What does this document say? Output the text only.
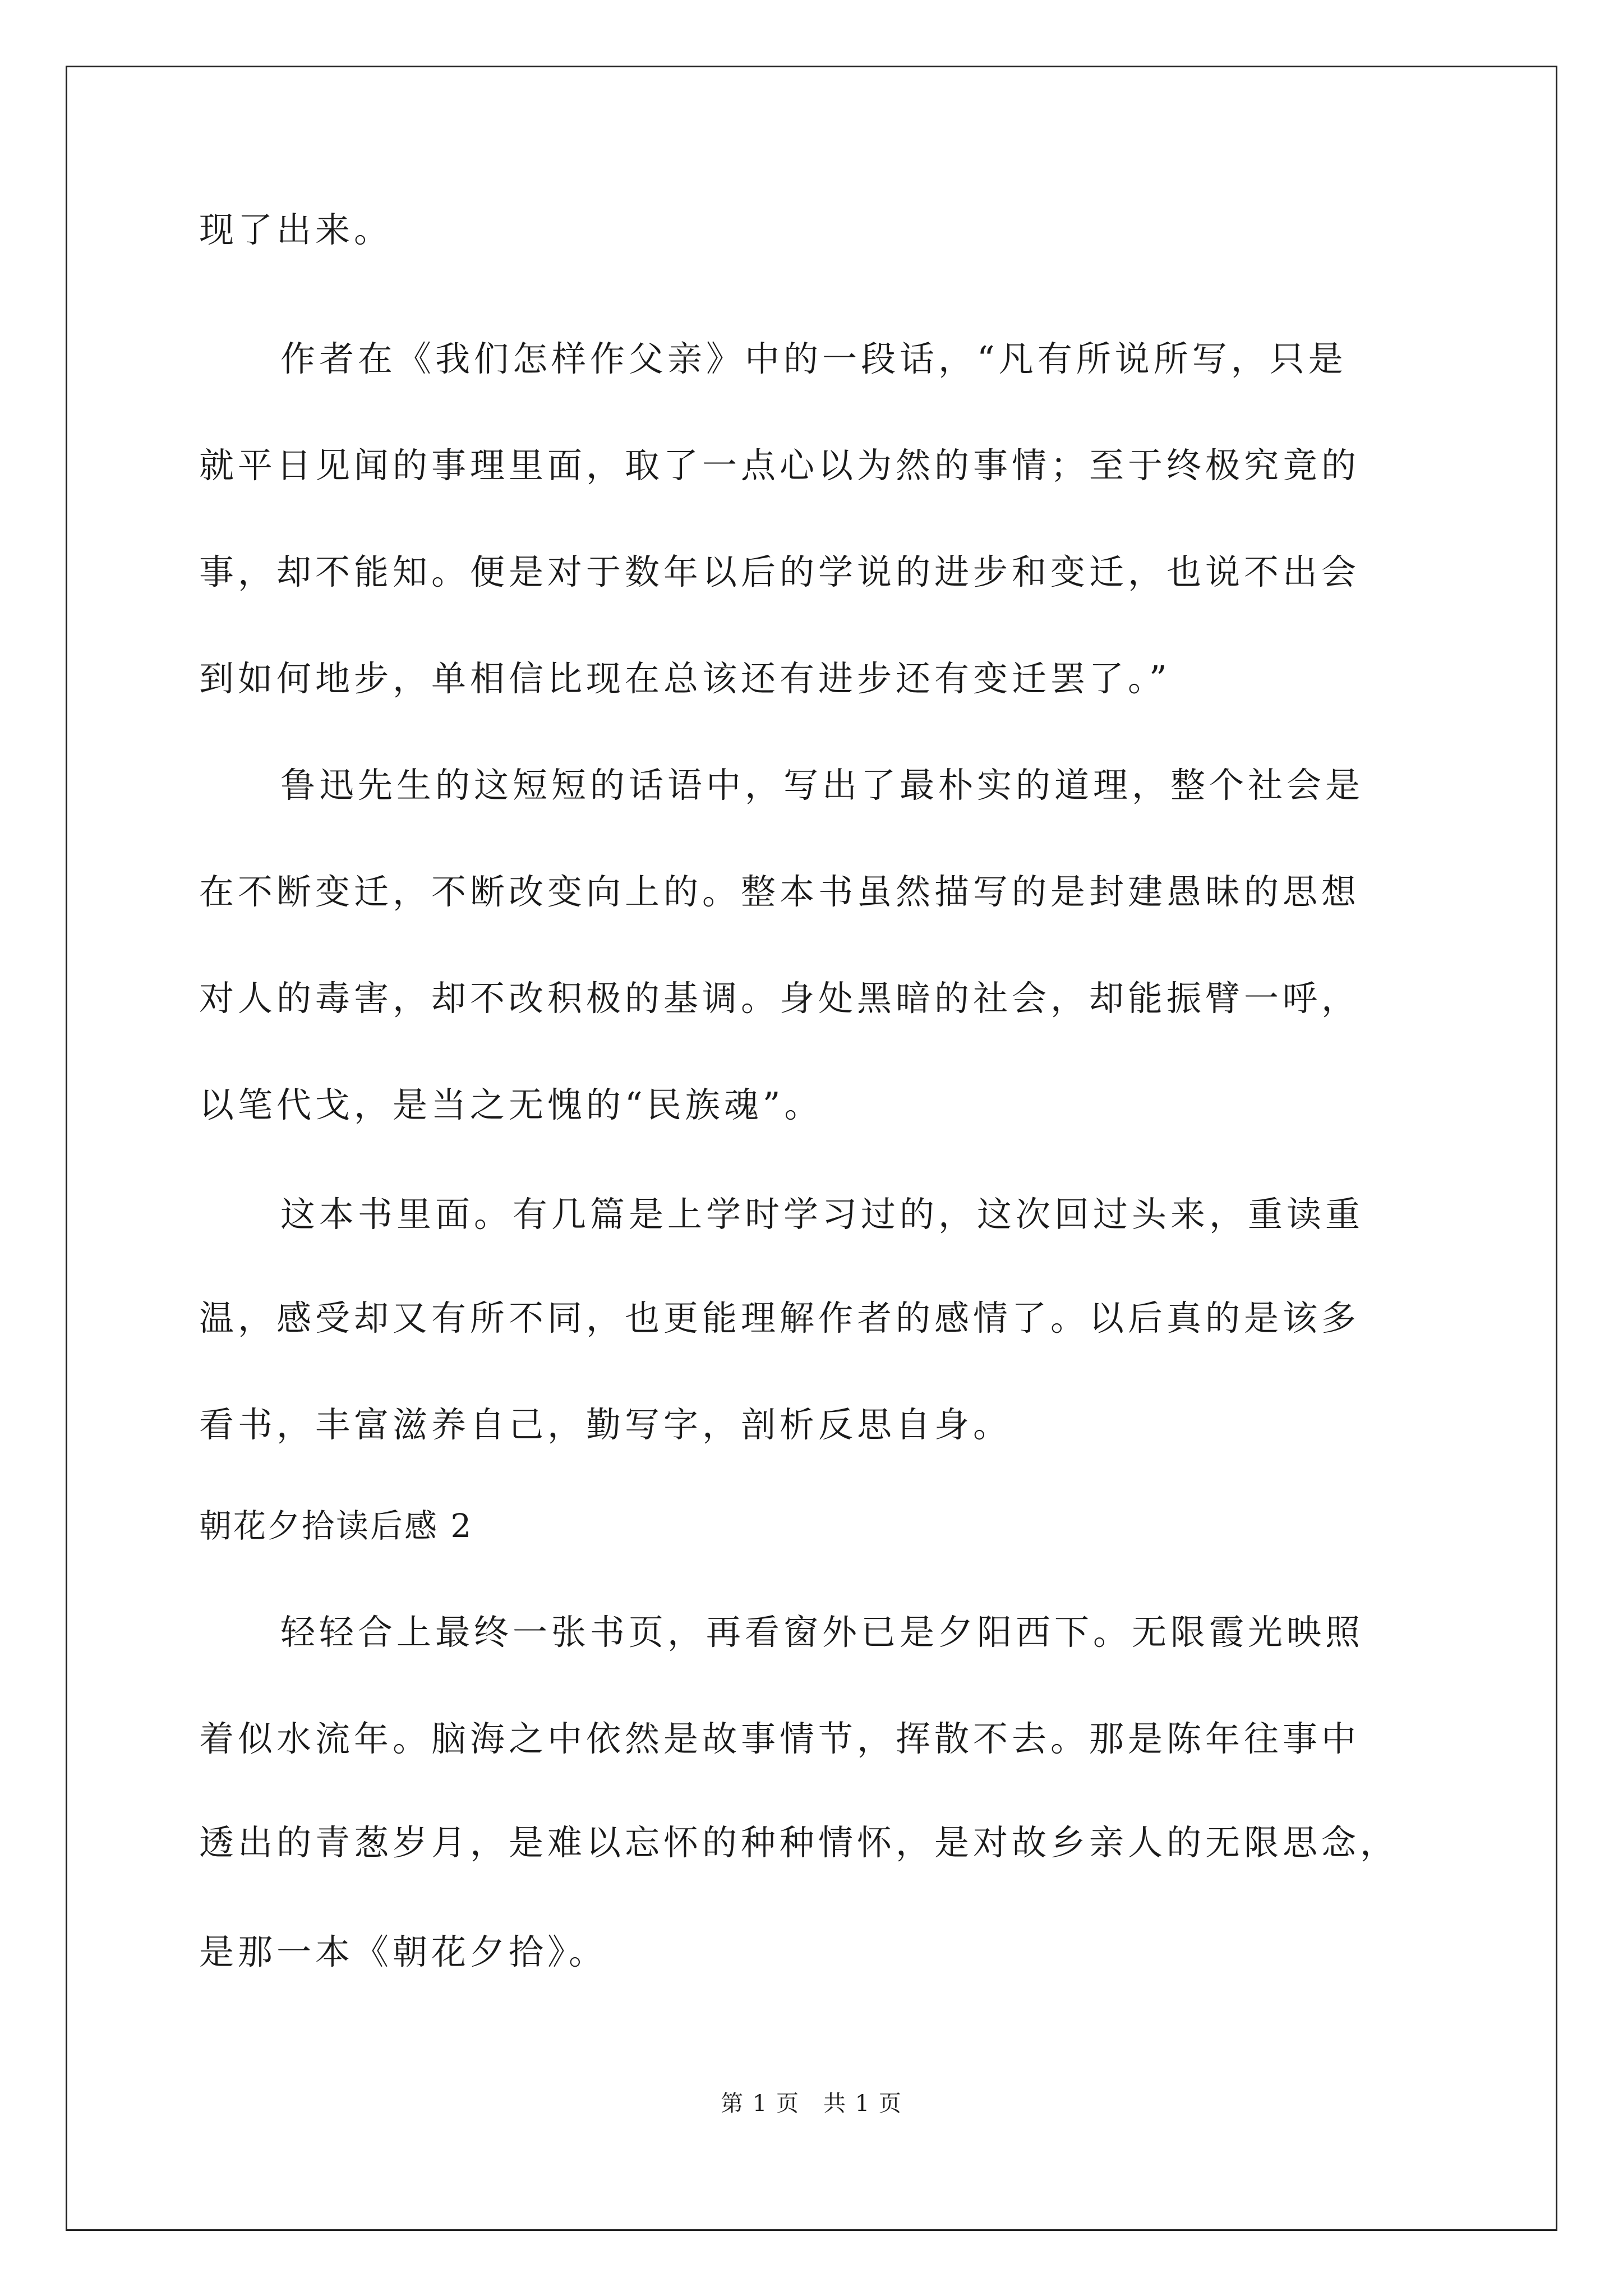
现了出来。
作者在《我们怎样作父亲》中的一段话，“凡有所说所写，只是
就平日见闻的事理里面，取了一点心以为然的事情；至于终极究竟的
事，却不能知。便是对于数年以后的学说的进步和变迁，也说不出会
到如何地步，单相信比现在总该还有进步还有变迁罢了。”
鲁迅先生的这短短的话语中，写出了最朴实的道理，整个社会是
在不断变迁，不断改变向上的。整本书虽然描写的是封建愚昧的思想
对人的毒害，却不改积极的基调。身处黑暗的社会，却能振臂一呼，
以笔代戈，是当之无愧的“民族魂”。
这本书里面。有几篇是上学时学习过的，这次回过头来，重读重
温，感受却又有所不同，也更能理解作者的感情了。以后真的是该多
看书，丰富滋养自己，勤写字，剖析反思自身。
朝花夕拾读后感 2
轻轻合上最终一张书页，再看窗外已是夕阳西下。无限霞光映照
着似水流年。脑海之中依然是故事情节，挥散不去。那是陈年往事中
透出的青葱岁月，是难以忘怀的种种情怀，是对故乡亲人的无限思念，
是那一本《朝花夕拾》。
第 1 页　共 1 页
